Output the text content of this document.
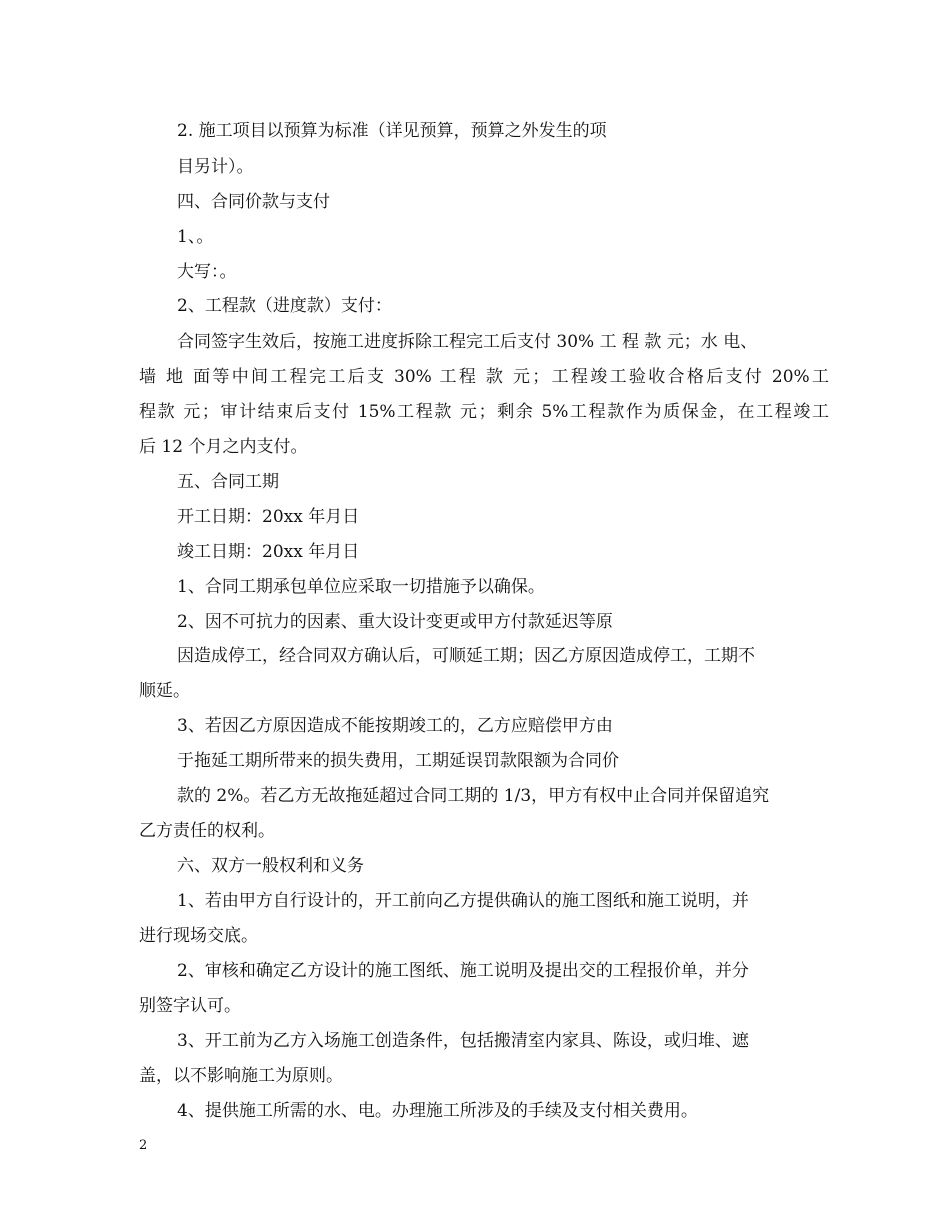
2. 施工项目以预算为标准（详见预算，预算之外发生的项
目另计）。
四、合同价款与支付
1、。
大写：。
2、工程款（进度款）支付：
合同签字生效后，按施工进度拆除工程完工后支付 30% 工 程 款 元；水 电、
墙 地 面等中间工程完工后支 30% 工程 款 元；工程竣工验收合格后支付 20%工
程款 元；审计结束后支付 15%工程款 元；剩余 5%工程款作为质保金，在工程竣工
后 12 个月之内支付。
五、合同工期
开工日期：20xx 年月日
竣工日期：20xx 年月日
1、合同工期承包单位应采取一切措施予以确保。
2、因不可抗力的因素、重大设计变更或甲方付款延迟等原
因造成停工，经合同双方确认后，可顺延工期；因乙方原因造成停工，工期不
顺延。
3、若因乙方原因造成不能按期竣工的，乙方应赔偿甲方由
于拖延工期所带来的损失费用，工期延误罚款限额为合同价
款的 2%。若乙方无故拖延超过合同工期的 1/3，甲方有权中止合同并保留追究
乙方责任的权利。
六、双方一般权利和义务
1、若由甲方自行设计的，开工前向乙方提供确认的施工图纸和施工说明，并
进行现场交底。
2、审核和确定乙方设计的施工图纸、施工说明及提出交的工程报价单，并分
别签字认可。
3、开工前为乙方入场施工创造条件，包括搬清室内家具、陈设，或归堆、遮
盖，以不影响施工为原则。
4、提供施工所需的水、电。办理施工所涉及的手续及支付相关费用。
2
